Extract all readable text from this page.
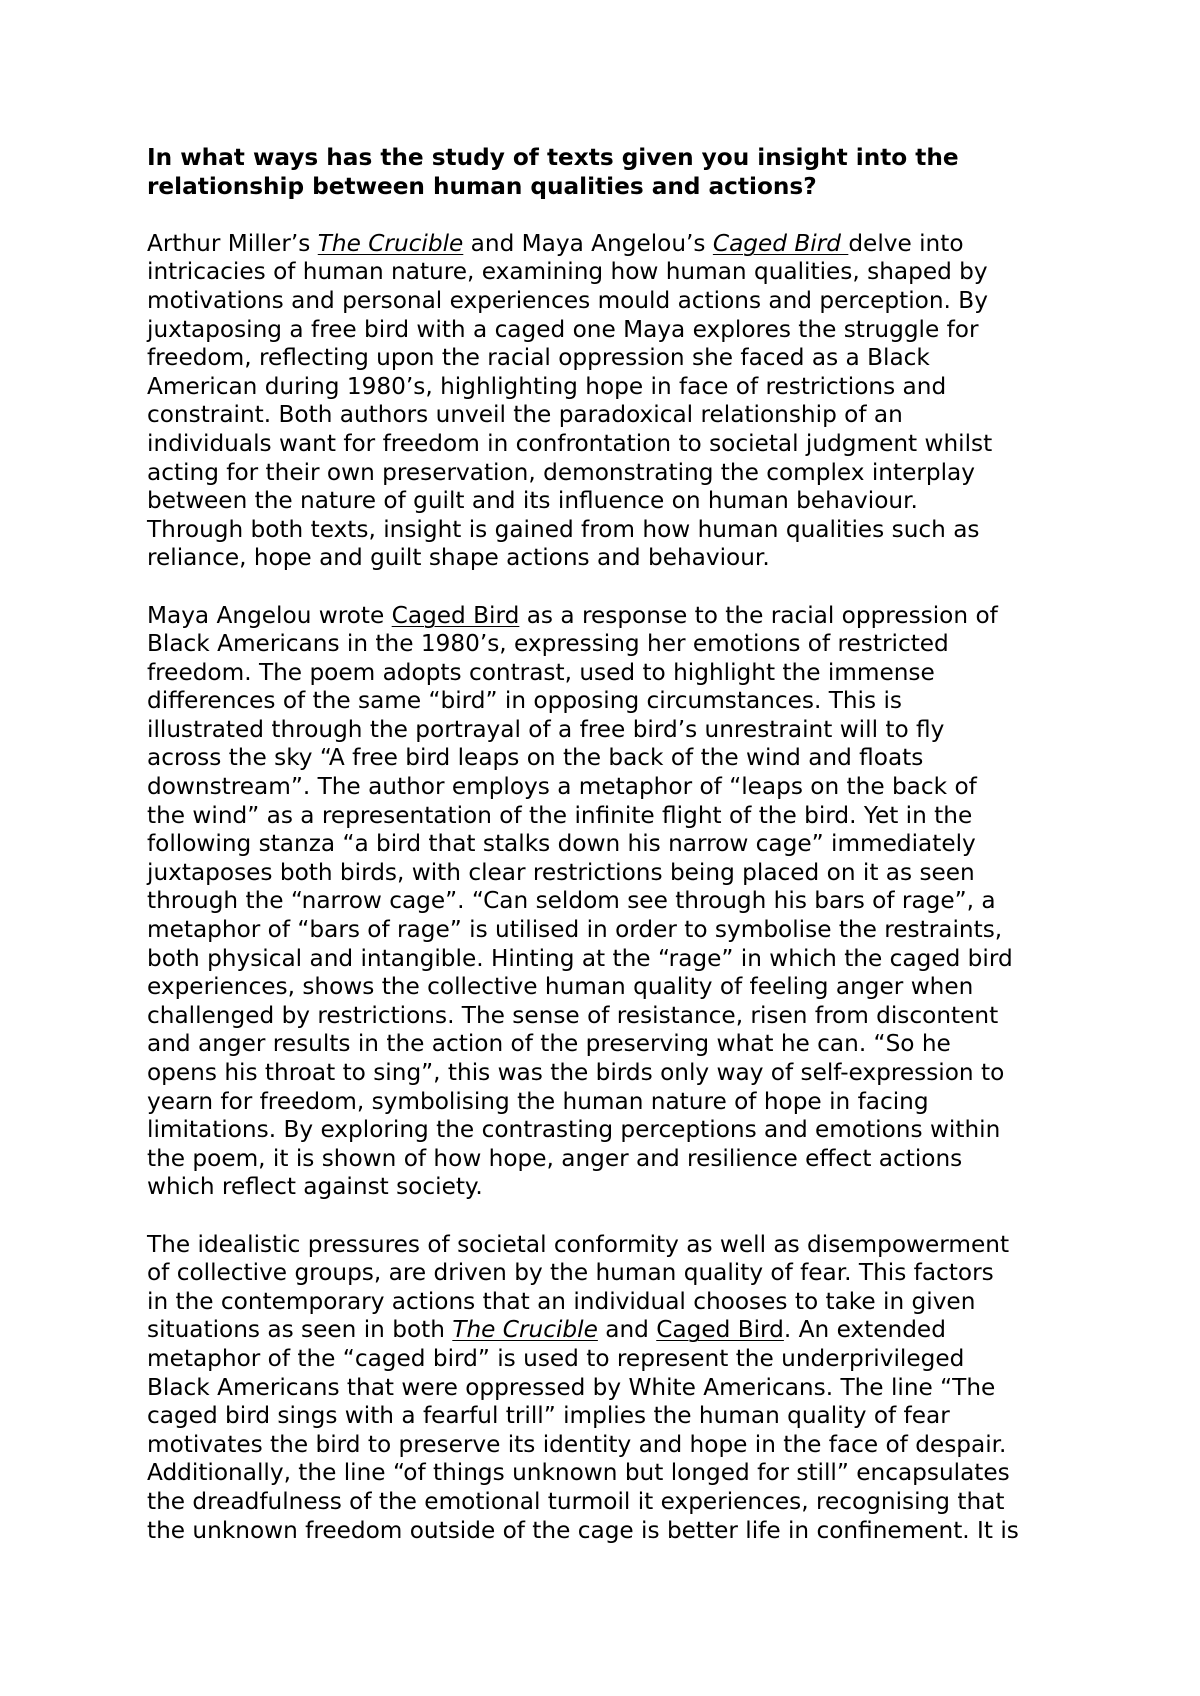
In what ways has the study of texts given you insight into the
relationship between human qualities and actions?
Arthur Miller’s The Crucible and Maya Angelou’s Caged Bird delve into
intricacies of human nature, examining how human qualities, shaped by
motivations and personal experiences mould actions and perception. By
juxtaposing a free bird with a caged one Maya explores the struggle for
freedom, reflecting upon the racial oppression she faced as a Black
American during 1980’s, highlighting hope in face of restrictions and
constraint. Both authors unveil the paradoxical relationship of an
individuals want for freedom in confrontation to societal judgment whilst
acting for their own preservation, demonstrating the complex interplay
between the nature of guilt and its influence on human behaviour.
Through both texts, insight is gained from how human qualities such as
reliance, hope and guilt shape actions and behaviour.
Maya Angelou wrote Caged Bird as a response to the racial oppression of
Black Americans in the 1980’s, expressing her emotions of restricted
freedom. The poem adopts contrast, used to highlight the immense
differences of the same “bird” in opposing circumstances. This is
illustrated through the portrayal of a free bird’s unrestraint will to fly
across the sky “A free bird leaps on the back of the wind and floats
downstream”. The author employs a metaphor of “leaps on the back of
the wind” as a representation of the infinite flight of the bird. Yet in the
following stanza “a bird that stalks down his narrow cage” immediately
juxtaposes both birds, with clear restrictions being placed on it as seen
through the “narrow cage”. “Can seldom see through his bars of rage”, a
metaphor of “bars of rage” is utilised in order to symbolise the restraints,
both physical and intangible. Hinting at the “rage” in which the caged bird
experiences, shows the collective human quality of feeling anger when
challenged by restrictions. The sense of resistance, risen from discontent
and anger results in the action of the preserving what he can. “So he
opens his throat to sing”, this was the birds only way of self-expression to
yearn for freedom, symbolising the human nature of hope in facing
limitations. By exploring the contrasting perceptions and emotions within
the poem, it is shown of how hope, anger and resilience effect actions
which reflect against society.
The idealistic pressures of societal conformity as well as disempowerment
of collective groups, are driven by the human quality of fear. This factors
in the contemporary actions that an individual chooses to take in given
situations as seen in both The Crucible and Caged Bird. An extended
metaphor of the “caged bird” is used to represent the underprivileged
Black Americans that were oppressed by White Americans. The line “The
caged bird sings with a fearful trill” implies the human quality of fear
motivates the bird to preserve its identity and hope in the face of despair.
Additionally, the line “of things unknown but longed for still” encapsulates
the dreadfulness of the emotional turmoil it experiences, recognising that
the unknown freedom outside of the cage is better life in confinement. It is
